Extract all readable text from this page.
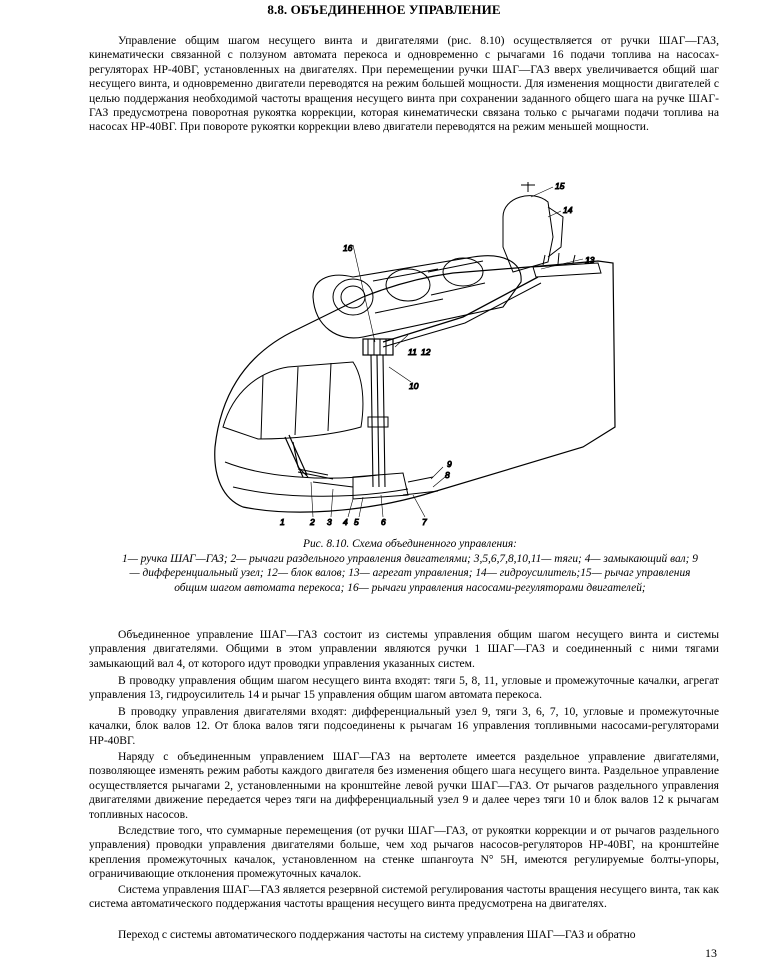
8.8. ОБЪЕДИНЕННОЕ УПРАВЛЕНИЕ

Управление общим шагом несущего винта и двигателями (рис. 8.10) осуществляется от ручки ШАГ—ГАЗ, кинематически связанной с ползуном автомата перекоса и одновременно с рычагами 16 подачи топлива на насосах-регуляторах НР-40ВГ, установленных на двигателях. При перемещении ручки ШАГ—ГАЗ вверх увеличивается общий шаг несущего винта, и одновременно двигатели переводятся на режим большей мощности. Для изменения мощности двигателей с целью поддержания необходимой частоты вращения несущего винта при сохранении заданного общего шага на ручке ШАГ- ГАЗ предусмотрена поворотная рукоятка коррекции, которая кинематически связана только с рычагами подачи топлива на насосах НР-40ВГ. При повороте рукоятки коррекции влево двигатели переводятся на режим меньшей мощности.

1	2 3 4 5	6	7
8
9
10
11 12
13
14
15
16
Рис. 8.10. Схема объединенного управления:
1— ручка ШАГ—ГАЗ; 2— рычаги раздельного управления двигателями; 3,5,6,7,8,10,11— тяги; 4— замыкающий вал; 9— дифференциальный узел; 12— блок валов; 13— агрегат управления; 14— гидроусилитель;15— рычаг управления общим шагом автомата перекоса; 16— рычаги управления насосами-регуляторами двигателей;

Объединенное управление ШАГ—ГАЗ состоит из системы управления общим шагом несущего винта и системы управления двигателями. Общими в этом управлении являются ручки 1 ШАГ—ГАЗ и соединенный с ними тягами замыкающий вал 4, от которого идут проводки управления указанных систем.

В проводку управления общим шагом несущего винта входят: тяги 5, 8, 11, угловые и промежуточные качалки, агрегат управления 13, гидроусилитель 14 и рычаг 15 управления общим шагом автомата перекоса.

В проводку управления двигателями входят: дифференциальный узел 9, тяги 3, 6, 7, 10, угловые и промежуточные качалки, блок валов 12. От блока валов тяги подсоединены к рычагам 16 управления топливными насосами-регуляторами НР-40ВГ.

Наряду с объединенным управлением ШАГ—ГАЗ на вертолете имеется раздельное управление двигателями, позволяющее изменять режим работы каждого двигателя без изменения общего шага несущего винта. Раздельное управление осуществляется рычагами 2, установленными на кронштейне левой ручки ШАГ—ГАЗ. От рычагов раздельного управления двигателями движение передается через тяги на дифференциальный узел 9 и далее через тяги 10 и блок валов 12 к рычагам топливных насосов.

Вследствие того, что суммарные перемещения (от ручки ШАГ—ГАЗ, от рукоятки коррекции и от рычагов раздельного управления) проводки управления двигателями больше, чем ход рычагов насосов-регуляторов НР-40ВГ, на кронштейне крепления промежуточных качалок, установленном на стенке шпангоута N° 5Н, имеются регулируемые болты-упоры, ограничивающие отклонения промежуточных качалок.

Система управления ШАГ—ГАЗ является резервной системой регулирования частоты вращения несущего винта, так как система автоматического поддержания частоты вращения несущего винта предусмотрена на двигателях.

Переход с системы автоматического поддержания частоты на систему управления ШАГ—ГАЗ и обратно

13
